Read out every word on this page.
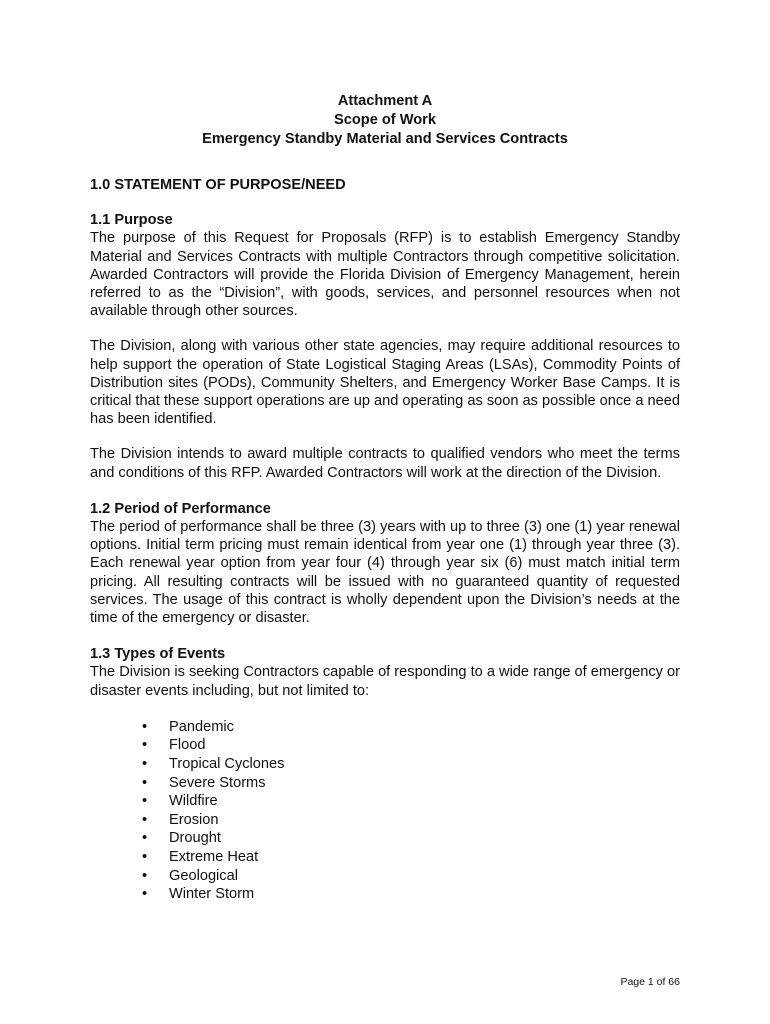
Attachment A
Scope of Work
Emergency Standby Material and Services Contracts

1.0 STATEMENT OF PURPOSE/NEED

1.1 Purpose

The purpose of this Request for Proposals (RFP) is to establish Emergency Standby Material and Services Contracts with multiple Contractors through competitive solicitation. Awarded Contractors will provide the Florida Division of Emergency Management, herein referred to as the “Division”, with goods, services, and personnel resources when not available through other sources.

The Division, along with various other state agencies, may require additional resources to help support the operation of State Logistical Staging Areas (LSAs), Commodity Points of Distribution sites (PODs), Community Shelters, and Emergency Worker Base Camps. It is critical that these support operations are up and operating as soon as possible once a need has been identified.

The Division intends to award multiple contracts to qualified vendors who meet the terms and conditions of this RFP. Awarded Contractors will work at the direction of the Division.

1.2 Period of Performance

The period of performance shall be three (3) years with up to three (3) one (1) year renewal options. Initial term pricing must remain identical from year one (1) through year three (3). Each renewal year option from year four (4) through year six (6) must match initial term pricing. All resulting contracts will be issued with no guaranteed quantity of requested services. The usage of this contract is wholly dependent upon the Division’s needs at the time of the emergency or disaster.

1.3 Types of Events

The Division is seeking Contractors capable of responding to a wide range of emergency or disaster events including, but not limited to:

• Pandemic
• Flood
• Tropical Cyclones
• Severe Storms
• Wildfire
• Erosion
• Drought
• Extreme Heat
• Geological
• Winter Storm
Page 1 of 66
